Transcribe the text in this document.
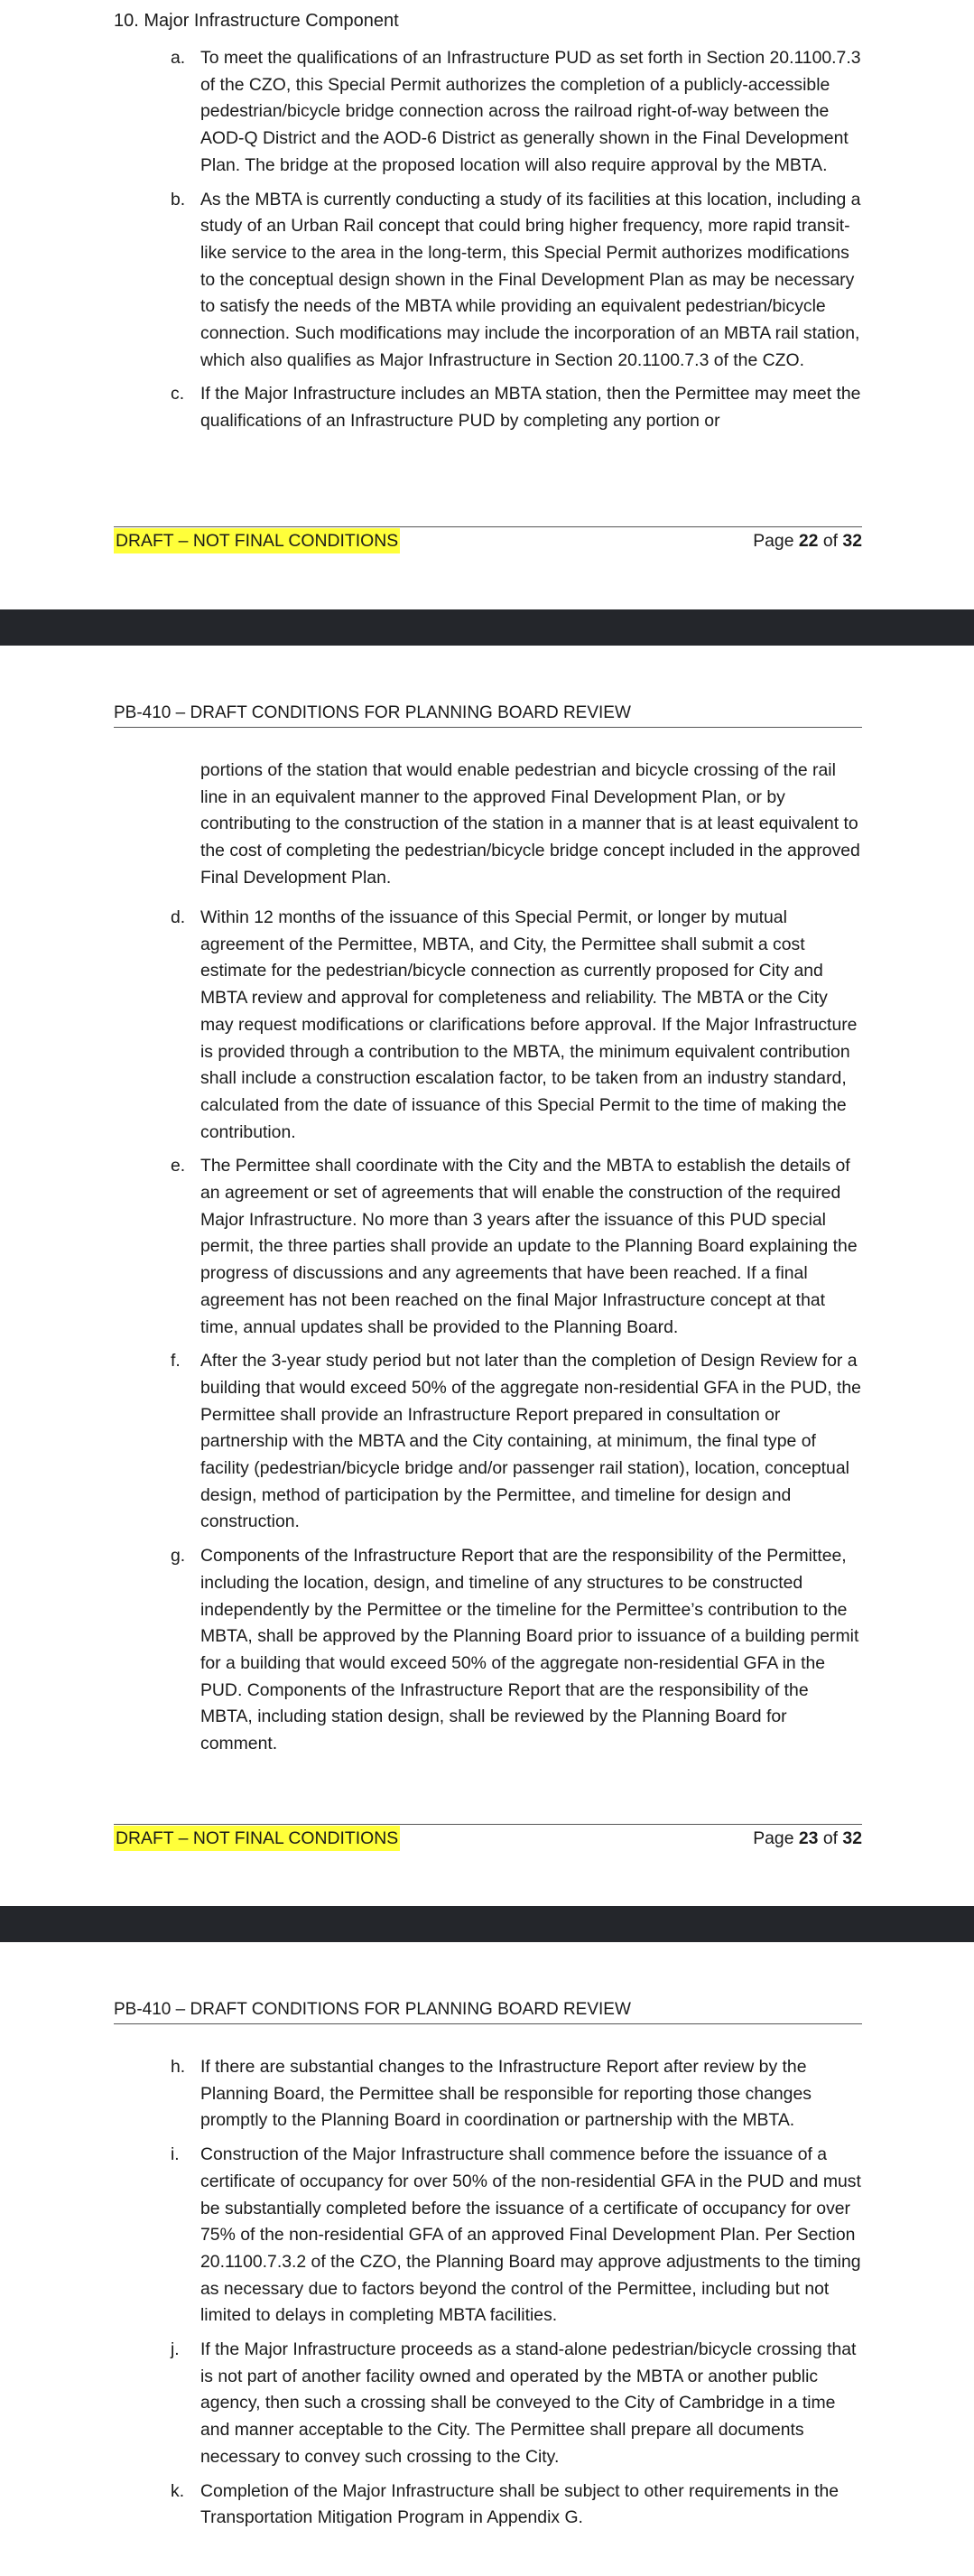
10. Major Infrastructure Component
a. To meet the qualifications of an Infrastructure PUD as set forth in Section 20.1100.7.3 of the CZO, this Special Permit authorizes the completion of a publicly-accessible pedestrian/bicycle bridge connection across the railroad right-of-way between the AOD-Q District and the AOD-6 District as generally shown in the Final Development Plan. The bridge at the proposed location will also require approval by the MBTA.
b. As the MBTA is currently conducting a study of its facilities at this location, including a study of an Urban Rail concept that could bring higher frequency, more rapid transit-like service to the area in the long-term, this Special Permit authorizes modifications to the conceptual design shown in the Final Development Plan as may be necessary to satisfy the needs of the MBTA while providing an equivalent pedestrian/bicycle connection. Such modifications may include the incorporation of an MBTA rail station, which also qualifies as Major Infrastructure in Section 20.1100.7.3 of the CZO.
c. If the Major Infrastructure includes an MBTA station, then the Permittee may meet the qualifications of an Infrastructure PUD by completing any portion or
DRAFT – NOT FINAL CONDITIONS	Page 22 of 32
PB-410 – DRAFT CONDITIONS FOR PLANNING BOARD REVIEW

portions of the station that would enable pedestrian and bicycle crossing of the rail line in an equivalent manner to the approved Final Development Plan, or by contributing to the construction of the station in a manner that is at least equivalent to the cost of completing the pedestrian/bicycle bridge concept included in the approved Final Development Plan.

d. Within 12 months of the issuance of this Special Permit, or longer by mutual agreement of the Permittee, MBTA, and City, the Permittee shall submit a cost estimate for the pedestrian/bicycle connection as currently proposed for City and MBTA review and approval for completeness and reliability. The MBTA or the City may request modifications or clarifications before approval. If the Major Infrastructure is provided through a contribution to the MBTA, the minimum equivalent contribution shall include a construction escalation factor, to be taken from an industry standard, calculated from the date of issuance of this Special Permit to the time of making the contribution.
e. The Permittee shall coordinate with the City and the MBTA to establish the details of an agreement or set of agreements that will enable the construction of the required Major Infrastructure. No more than 3 years after the issuance of this PUD special permit, the three parties shall provide an update to the Planning Board explaining the progress of discussions and any agreements that have been reached. If a final agreement has not been reached on the final Major Infrastructure concept at that time, annual updates shall be provided to the Planning Board.
f. After the 3-year study period but not later than the completion of Design Review for a building that would exceed 50% of the aggregate non-residential GFA in the PUD, the Permittee shall provide an Infrastructure Report prepared in consultation or partnership with the MBTA and the City containing, at minimum, the final type of facility (pedestrian/bicycle bridge and/or passenger rail station), location, conceptual design, method of participation by the Permittee, and timeline for design and construction.
g. Components of the Infrastructure Report that are the responsibility of the Permittee, including the location, design, and timeline of any structures to be constructed independently by the Permittee or the timeline for the Permittee’s contribution to the MBTA, shall be approved by the Planning Board prior to issuance of a building permit for a building that would exceed 50% of the aggregate non-residential GFA in the PUD. Components of the Infrastructure Report that are the responsibility of the MBTA, including station design, shall be reviewed by the Planning Board for comment.
DRAFT – NOT FINAL CONDITIONS	Page 23 of 32
PB-410 – DRAFT CONDITIONS FOR PLANNING BOARD REVIEW
h. If there are substantial changes to the Infrastructure Report after review by the Planning Board, the Permittee shall be responsible for reporting those changes promptly to the Planning Board in coordination or partnership with the MBTA.
i. Construction of the Major Infrastructure shall commence before the issuance of a certificate of occupancy for over 50% of the non-residential GFA in the PUD and must be substantially completed before the issuance of a certificate of occupancy for over 75% of the non-residential GFA of an approved Final Development Plan. Per Section 20.1100.7.3.2 of the CZO, the Planning Board may approve adjustments to the timing as necessary due to factors beyond the control of the Permittee, including but not limited to delays in completing MBTA facilities.
j. If the Major Infrastructure proceeds as a stand-alone pedestrian/bicycle crossing that is not part of another facility owned and operated by the MBTA or another public agency, then such a crossing shall be conveyed to the City of Cambridge in a time and manner acceptable to the City. The Permittee shall prepare all documents necessary to convey such crossing to the City.
k. Completion of the Major Infrastructure shall be subject to other requirements in the Transportation Mitigation Program in Appendix G.
